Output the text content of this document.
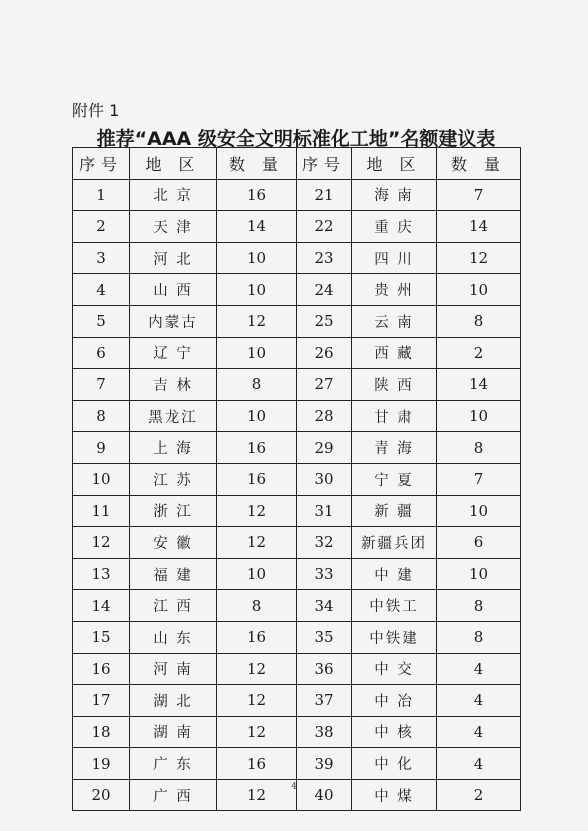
附件 1
推荐“AAA 级安全文明标准化工地”名额建议表
序号	地 区	数 量	序号	地 区	数 量
1	北 京	16	21	海 南	7
2	天 津	14	22	重 庆	14
3	河 北	10	23	四 川	12
4	山 西	10	24	贵 州	10
5	内蒙古	12	25	云 南	8
6	辽 宁	10	26	西 藏	2
7	吉 林	8	27	陕 西	14
8	黑龙江	10	28	甘 肃	10
9	上 海	16	29	青 海	8
10	江 苏	16	30	宁 夏	7
11	浙 江	12	31	新 疆	10
12	安 徽	12	32	新疆兵团	6
13	福 建	10	33	中 建	10
14	江 西	8	34	中铁工	8
15	山 东	16	35	中铁建	8
16	河 南	12	36	中 交	4
17	湖 北	12	37	中 冶	4
18	湖 南	12	38	中 核	4
19	广 东	16	39	中 化	4
20	广 西	12	40	中 煤	2
4
